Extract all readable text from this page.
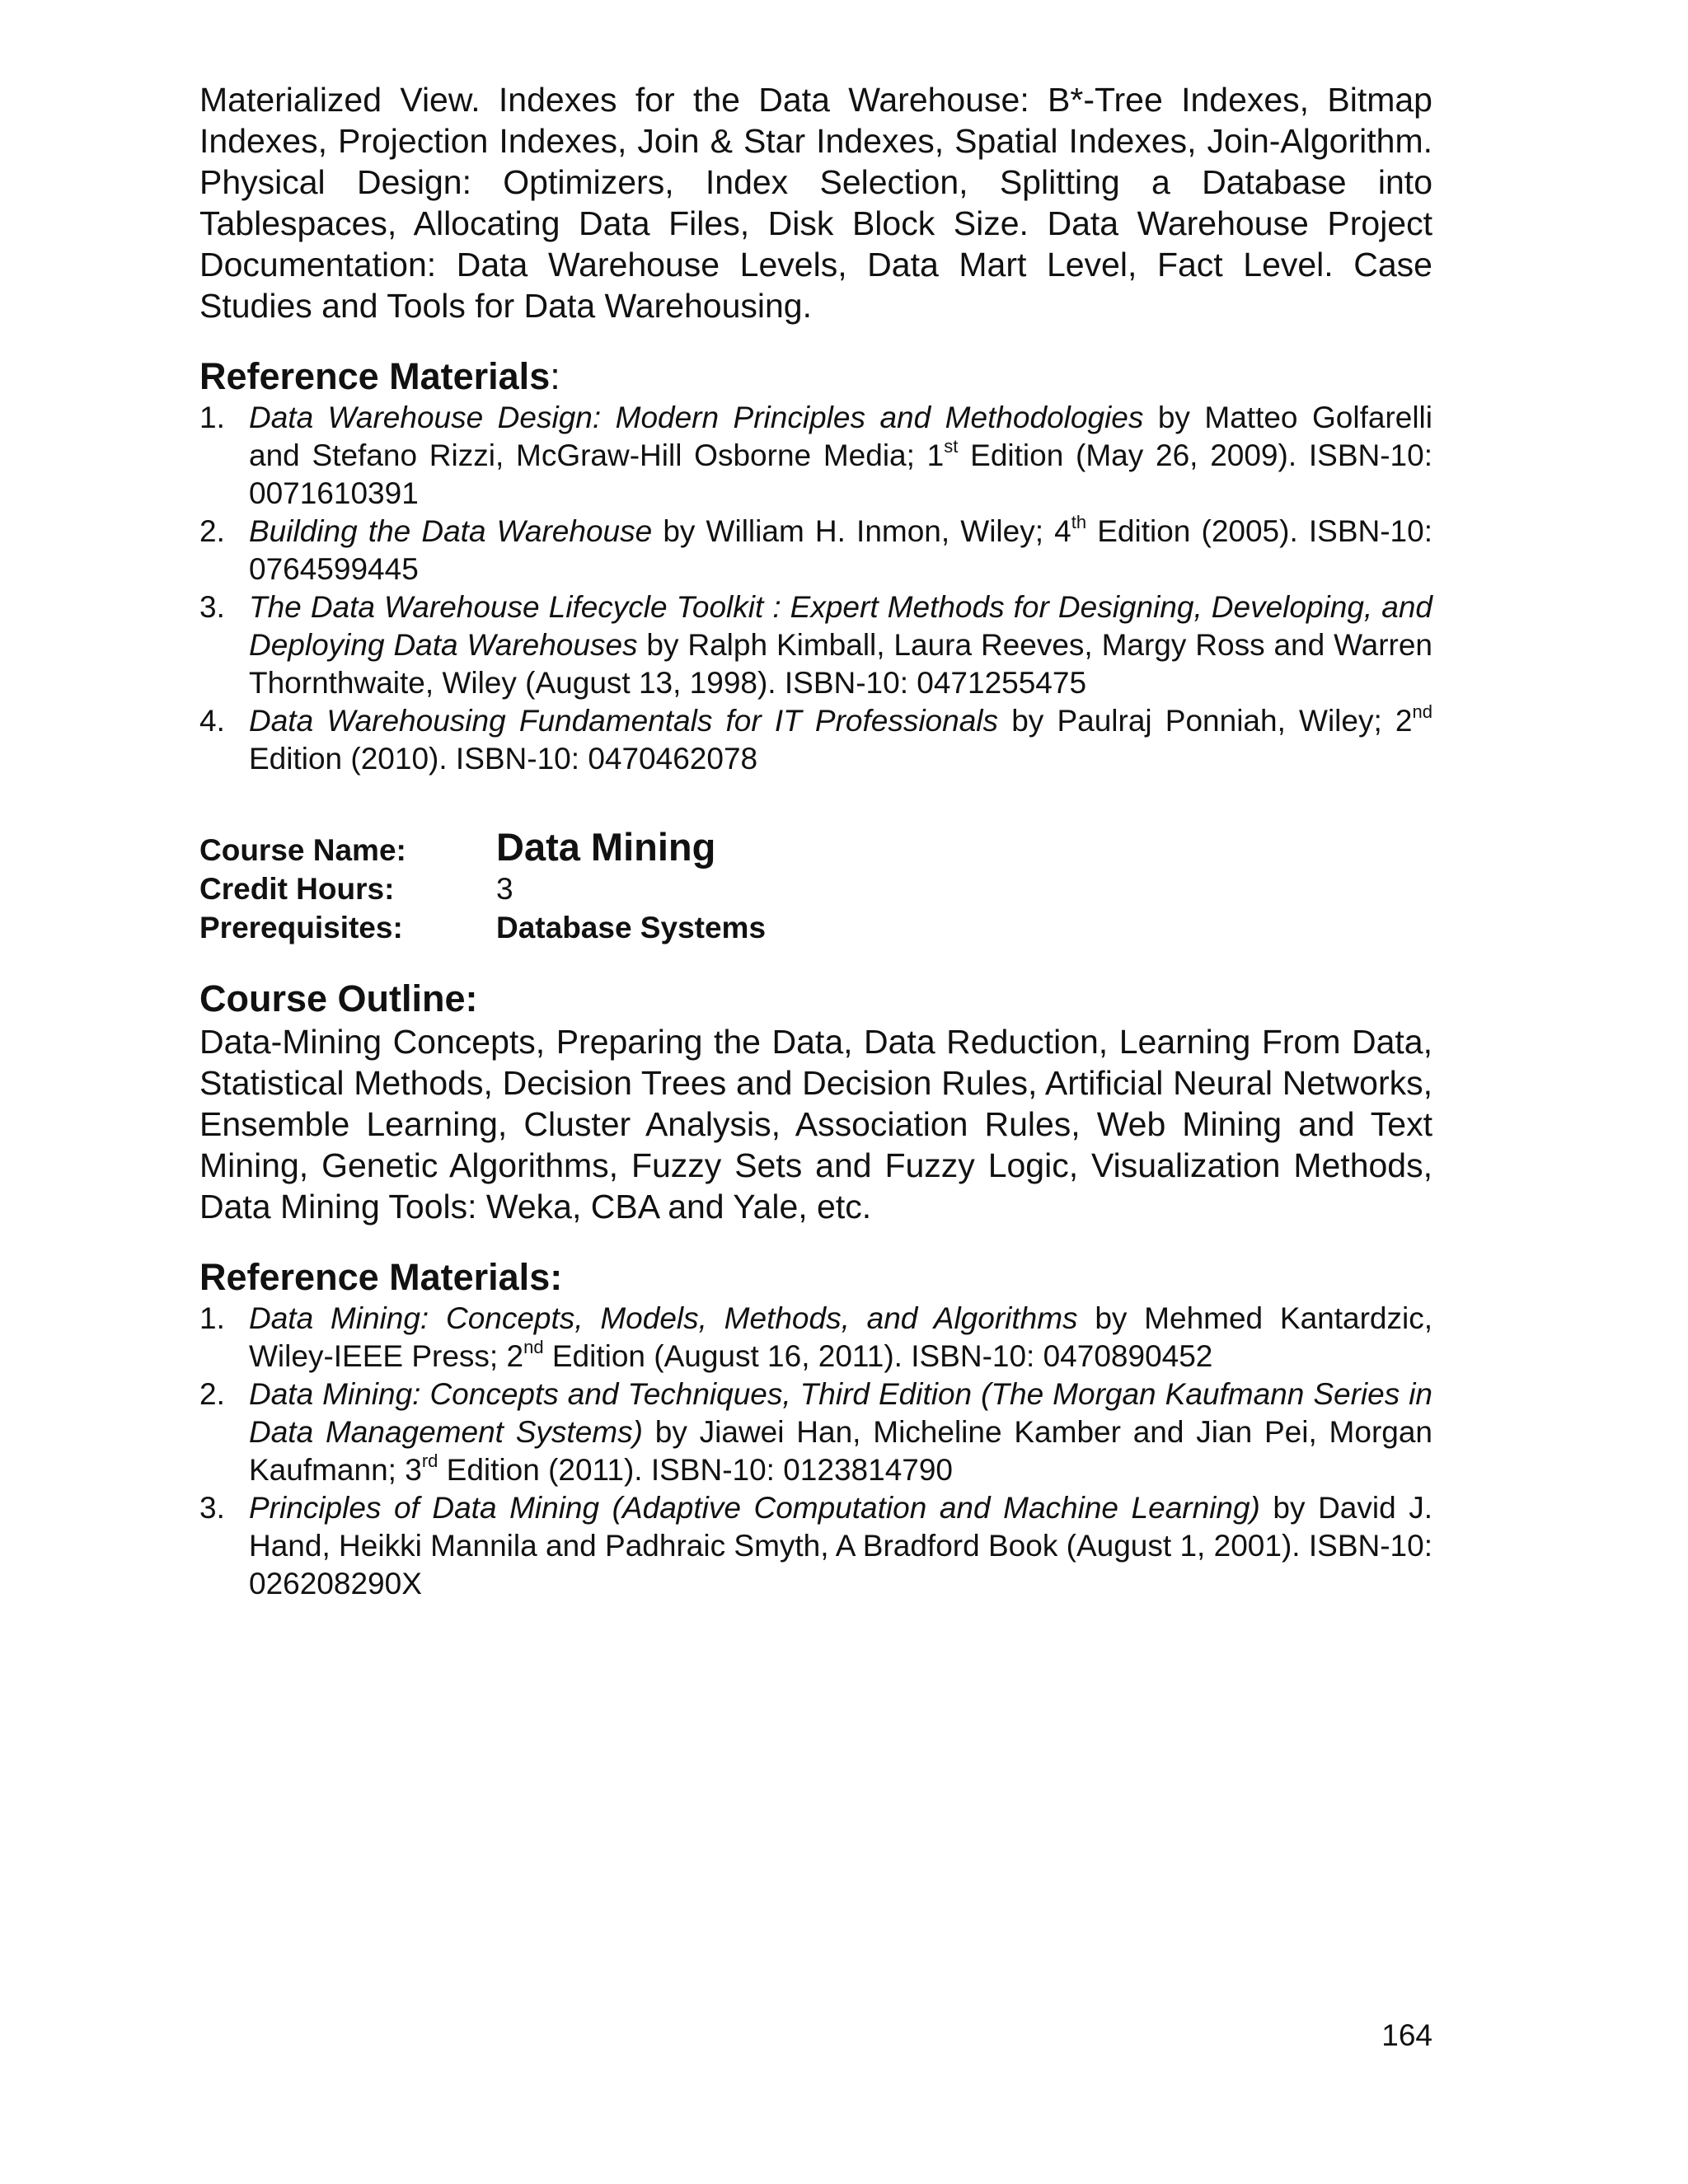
Materialized View. Indexes for the Data Warehouse: B*-Tree Indexes, Bitmap Indexes, Projection Indexes, Join & Star Indexes, Spatial Indexes, Join-Algorithm. Physical Design: Optimizers, Index Selection, Splitting a Database into Tablespaces, Allocating Data Files, Disk Block Size. Data Warehouse Project Documentation: Data Warehouse Levels, Data Mart Level, Fact Level. Case Studies and Tools for Data Warehousing.

Reference Materials:
1. Data Warehouse Design: Modern Principles and Methodologies by Matteo Golfarelli and Stefano Rizzi, McGraw-Hill Osborne Media; 1st Edition (May 26, 2009). ISBN-10: 0071610391
2. Building the Data Warehouse by William H. Inmon, Wiley; 4th Edition (2005). ISBN-10: 0764599445
3. The Data Warehouse Lifecycle Toolkit : Expert Methods for Designing, Developing, and Deploying Data Warehouses by Ralph Kimball, Laura Reeves, Margy Ross and Warren Thornthwaite, Wiley (August 13, 1998). ISBN-10: 0471255475
4. Data Warehousing Fundamentals for IT Professionals by Paulraj Ponniah, Wiley; 2nd Edition (2010). ISBN-10: 0470462078
Course Name:	Data Mining
Credit Hours:	3
Prerequisites:	Database Systems
Course Outline:

Data-Mining Concepts, Preparing the Data, Data Reduction, Learning From Data, Statistical Methods, Decision Trees and Decision Rules, Artificial Neural Networks, Ensemble Learning, Cluster Analysis, Association Rules, Web Mining and Text Mining, Genetic Algorithms, Fuzzy Sets and Fuzzy Logic, Visualization Methods, Data Mining Tools: Weka, CBA and Yale, etc.

Reference Materials:
1. Data Mining: Concepts, Models, Methods, and Algorithms by Mehmed Kantardzic, Wiley-IEEE Press; 2nd Edition (August 16, 2011). ISBN-10: 0470890452
2. Data Mining: Concepts and Techniques, Third Edition (The Morgan Kaufmann Series in Data Management Systems) by Jiawei Han, Micheline Kamber and Jian Pei, Morgan Kaufmann; 3rd Edition (2011). ISBN-10: 0123814790
3. Principles of Data Mining (Adaptive Computation and Machine Learning) by David J. Hand, Heikki Mannila and Padhraic Smyth, A Bradford Book (August 1, 2001). ISBN-10: 026208290X
164
